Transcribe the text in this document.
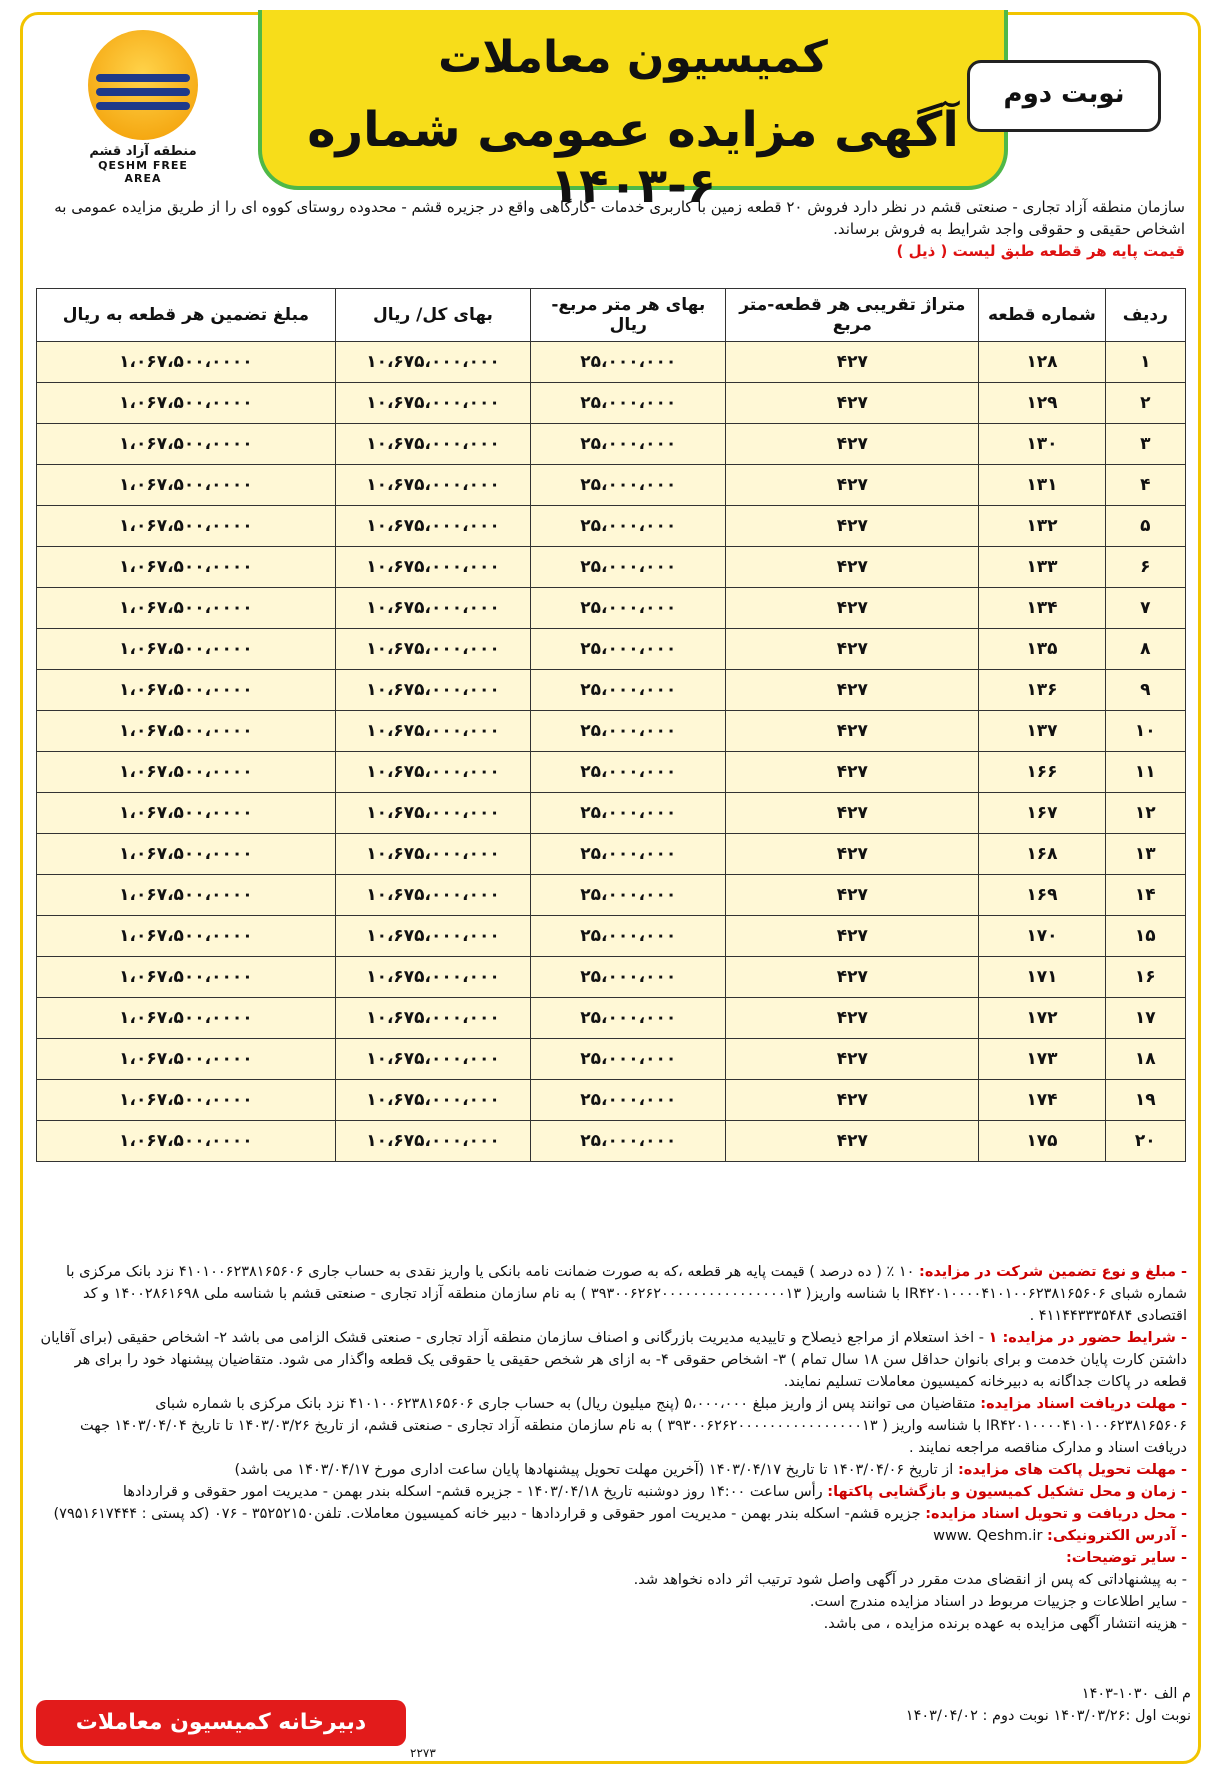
منطقه آزاد قشم
QESHM FREE AREA
کمیسیون معاملات
آگهی مزایده عمومی شماره ۶-۱۴۰۳
نوبت دوم
سازمان منطقه آزاد تجاری - صنعتی قشم در نظر دارد فروش ۲۰ قطعه زمین با کاربری خدمات -کارگاهی واقع در جزیره قشم - محدوده روستای کووه ای را از طریق مزایده عمومی به اشخاص حقیقی و حقوقی واجد شرایط به فروش برساند.
قیمت پایه هر قطعه طبق لیست ( ذیل )
ردیف	شماره قطعه	متراژ تقریبی هر قطعه-متر مربع	بهای هر متر مربع- ریال	بهای کل/ ریال	مبلغ تضمین هر قطعه به ریال
۱	۱۲۸	۴۲۷	۲۵،۰۰۰،۰۰۰	۱۰،۶۷۵،۰۰۰،۰۰۰	۱،۰۶۷،۵۰۰،۰۰۰۰
۲	۱۲۹	۴۲۷	۲۵،۰۰۰،۰۰۰	۱۰،۶۷۵،۰۰۰،۰۰۰	۱،۰۶۷،۵۰۰،۰۰۰۰
۳	۱۳۰	۴۲۷	۲۵،۰۰۰،۰۰۰	۱۰،۶۷۵،۰۰۰،۰۰۰	۱،۰۶۷،۵۰۰،۰۰۰۰
۴	۱۳۱	۴۲۷	۲۵،۰۰۰،۰۰۰	۱۰،۶۷۵،۰۰۰،۰۰۰	۱،۰۶۷،۵۰۰،۰۰۰۰
۵	۱۳۲	۴۲۷	۲۵،۰۰۰،۰۰۰	۱۰،۶۷۵،۰۰۰،۰۰۰	۱،۰۶۷،۵۰۰،۰۰۰۰
۶	۱۳۳	۴۲۷	۲۵،۰۰۰،۰۰۰	۱۰،۶۷۵،۰۰۰،۰۰۰	۱،۰۶۷،۵۰۰،۰۰۰۰
۷	۱۳۴	۴۲۷	۲۵،۰۰۰،۰۰۰	۱۰،۶۷۵،۰۰۰،۰۰۰	۱،۰۶۷،۵۰۰،۰۰۰۰
۸	۱۳۵	۴۲۷	۲۵،۰۰۰،۰۰۰	۱۰،۶۷۵،۰۰۰،۰۰۰	۱،۰۶۷،۵۰۰،۰۰۰۰
۹	۱۳۶	۴۲۷	۲۵،۰۰۰،۰۰۰	۱۰،۶۷۵،۰۰۰،۰۰۰	۱،۰۶۷،۵۰۰،۰۰۰۰
۱۰	۱۳۷	۴۲۷	۲۵،۰۰۰،۰۰۰	۱۰،۶۷۵،۰۰۰،۰۰۰	۱،۰۶۷،۵۰۰،۰۰۰۰
۱۱	۱۶۶	۴۲۷	۲۵،۰۰۰،۰۰۰	۱۰،۶۷۵،۰۰۰،۰۰۰	۱،۰۶۷،۵۰۰،۰۰۰۰
۱۲	۱۶۷	۴۲۷	۲۵،۰۰۰،۰۰۰	۱۰،۶۷۵،۰۰۰،۰۰۰	۱،۰۶۷،۵۰۰،۰۰۰۰
۱۳	۱۶۸	۴۲۷	۲۵،۰۰۰،۰۰۰	۱۰،۶۷۵،۰۰۰،۰۰۰	۱،۰۶۷،۵۰۰،۰۰۰۰
۱۴	۱۶۹	۴۲۷	۲۵،۰۰۰،۰۰۰	۱۰،۶۷۵،۰۰۰،۰۰۰	۱،۰۶۷،۵۰۰،۰۰۰۰
۱۵	۱۷۰	۴۲۷	۲۵،۰۰۰،۰۰۰	۱۰،۶۷۵،۰۰۰،۰۰۰	۱،۰۶۷،۵۰۰،۰۰۰۰
۱۶	۱۷۱	۴۲۷	۲۵،۰۰۰،۰۰۰	۱۰،۶۷۵،۰۰۰،۰۰۰	۱،۰۶۷،۵۰۰،۰۰۰۰
۱۷	۱۷۲	۴۲۷	۲۵،۰۰۰،۰۰۰	۱۰،۶۷۵،۰۰۰،۰۰۰	۱،۰۶۷،۵۰۰،۰۰۰۰
۱۸	۱۷۳	۴۲۷	۲۵،۰۰۰،۰۰۰	۱۰،۶۷۵،۰۰۰،۰۰۰	۱،۰۶۷،۵۰۰،۰۰۰۰
۱۹	۱۷۴	۴۲۷	۲۵،۰۰۰،۰۰۰	۱۰،۶۷۵،۰۰۰،۰۰۰	۱،۰۶۷،۵۰۰،۰۰۰۰
۲۰	۱۷۵	۴۲۷	۲۵،۰۰۰،۰۰۰	۱۰،۶۷۵،۰۰۰،۰۰۰	۱،۰۶۷،۵۰۰،۰۰۰۰

- مبلغ و نوع تضمین شرکت در مزایده: ۱۰ ٪ ( ده درصد ) قیمت پایه هر قطعه ،که به صورت ضمانت نامه بانکی یا واریز نقدی به حساب جاری ۴۱۰۱۰۰۶۲۳۸۱۶۵۶۰۶ نزد بانک مرکزی با شماره شبای IR۴۲۰۱۰۰۰۰۴۱۰۱۰۰۶۲۳۸۱۶۵۶۰۶ با شناسه واریز( ۳۹۳۰۰۶۲۶۲۰۰۰۰۰۰۰۰۰۰۰۰۰۰۰۰۱۳ ) به نام سازمان منطقه آزاد تجاری - صنعتی قشم با شناسه ملی ۱۴۰۰۲۸۶۱۶۹۸ و کد اقتصادی ۴۱۱۴۴۳۳۳۵۴۸۴ .

- شرایط حضور در مزایده: ۱ - اخذ استعلام از مراجع ذیصلاح و تاییدیه مدیریت بازرگانی و اصناف سازمان منطقه آزاد تجاری - صنعتی قشک الزامی می باشد ۲- اشخاص حقیقی (برای آقایان داشتن کارت پایان خدمت و برای بانوان حداقل سن ۱۸ سال تمام ) ۳- اشخاص حقوقی ۴- به ازای هر شخص حقیقی یا حقوقی یک قطعه واگذار می شود. متقاضیان پیشنهاد خود را برای هر قطعه در پاکات جداگانه به دبیرخانه کمیسیون معاملات تسلیم نمایند.

- مهلت دریافت اسناد مزایده: متقاضیان می توانند پس از واریز مبلغ ۵،۰۰۰،۰۰۰ (پنج میلیون ریال) به حساب جاری ۴۱۰۱۰۰۶۲۳۸۱۶۵۶۰۶ نزد بانک مرکزی با شماره شبای IR۴۲۰۱۰۰۰۰۴۱۰۱۰۰۶۲۳۸۱۶۵۶۰۶ با شناسه واریز ( ۳۹۳۰۰۶۲۶۲۰۰۰۰۰۰۰۰۰۰۰۰۰۰۰۰۱۳ ) به نام سازمان منطقه آزاد تجاری - صنعتی قشم، از تاریخ ۱۴۰۳/۰۳/۲۶ تا تاریخ ۱۴۰۳/۰۴/۰۴ جهت دریافت اسناد و مدارک مناقصه مراجعه نمایند .

- مهلت تحویل پاکت های مزایده: از تاریخ ۱۴۰۳/۰۴/۰۶ تا تاریخ ۱۴۰۳/۰۴/۱۷ (آخرین مهلت تحویل پیشنهادها پایان ساعت اداری مورخ ۱۴۰۳/۰۴/۱۷ می باشد)

- زمان و محل تشکیل کمیسیون و بازگشایی پاکتها: رأس ساعت ۱۴:۰۰ روز دوشنبه تاریخ ۱۴۰۳/۰۴/۱۸ - جزیره قشم- اسکله بندر بهمن - مدیریت امور حقوقی و قراردادها

- محل دریافت و تحویل اسناد مزایده: جزیره قشم- اسکله بندر بهمن - مدیریت امور حقوقی و قراردادها - دبیر خانه کمیسیون معاملات. تلفن۳۵۲۵۲۱۵۰ - ۰۷۶ (کد پستی : ۷۹۵۱۶۱۷۴۴۴)

- آدرس الکترونیکی: www. Qeshm.ir

- سایر توضیحات:

- به پیشنهاداتی که پس از انقضای مدت مقرر در آگهی واصل شود ترتیب اثر داده نخواهد شد.

- سایر اطلاعات و جزییات مربوط در اسناد مزایده مندرج است.

- هزینه انتشار آگهی مزایده به عهده برنده مزایده ، می باشد.

م الف ۱۰۳۰-۱۴۰۳
نوبت اول :۱۴۰۳/۰۳/۲۶ نوبت دوم : ۱۴۰۳/۰۴/۰۲
دبیرخانه کمیسیون معاملات
۲۲۷۳
